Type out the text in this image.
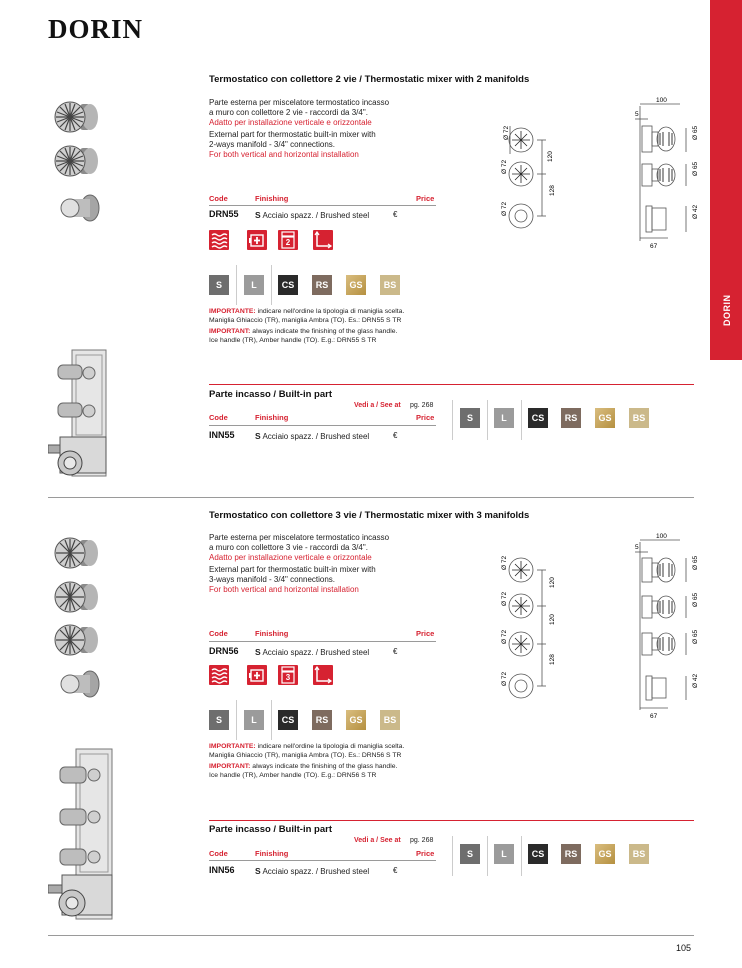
DORIN
DORIN
Termostatico con collettore 2 vie / Thermostatic mixer with 2 manifolds
Parte esterna per miscelatore termostatico incasso
a muro con collettore 2 vie - raccordi da 3/4".
Adatto per installazione verticale e orizzontale
External part for thermostatic built-in mixer with
2-ways manifold - 3/4" connections.
For both vertical and horizontal installation
Code	Finishing	Price
DRN55 S Acciaio spazz. / Brushed steel	€
2
S	L	CS	RS	GS	BS
IMPORTANTE: indicare nell'ordine la tipologia di maniglia scelta.
Maniglia Ghiaccio (TR), maniglia Ambra (TO). Es.: DRN55 S TR
IMPORTANT: always indicate the finishing of the glass handle.
Ice handle (TR), Amber handle (TO). E.g.: DRN55 S TR
Ø 72
Ø 72
Ø 72
120
128
100
5
Ø 65
Ø 65
Ø 42
67
Parte incasso / Built-in part
Vedi a / See at pg. 268
Code	Finishing	Price
INN55 S Acciaio spazz. / Brushed steel	€
S	L	CS	RS	GS	BS
Termostatico con collettore 3 vie / Thermostatic mixer with 3 manifolds
Parte esterna per miscelatore termostatico incasso
a muro con collettore 3 vie - raccordi da 3/4".
Adatto per installazione verticale e orizzontale
External part for thermostatic built-in mixer with
3-ways manifold - 3/4" connections.
For both vertical and horizontal installation
Code	Finishing	Price
DRN56 S Acciaio spazz. / Brushed steel	€
3
S	L	CS	RS	GS	BS
IMPORTANTE: indicare nell'ordine la tipologia di maniglia scelta.
Maniglia Ghiaccio (TR), maniglia Ambra (TO). Es.: DRN56 S TR
IMPORTANT: always indicate the finishing of the glass handle.
Ice handle (TR), Amber handle (TO). E.g.: DRN56 S TR
Ø 72
Ø 72
Ø 72
Ø 72
120
120
128
100
5
Ø 65
Ø 65
Ø 65
Ø 42
67
Parte incasso / Built-in part
Vedi a / See at pg. 268
Code	Finishing	Price
INN56 S Acciaio spazz. / Brushed steel	€
S	L	CS	RS	GS	BS
105
